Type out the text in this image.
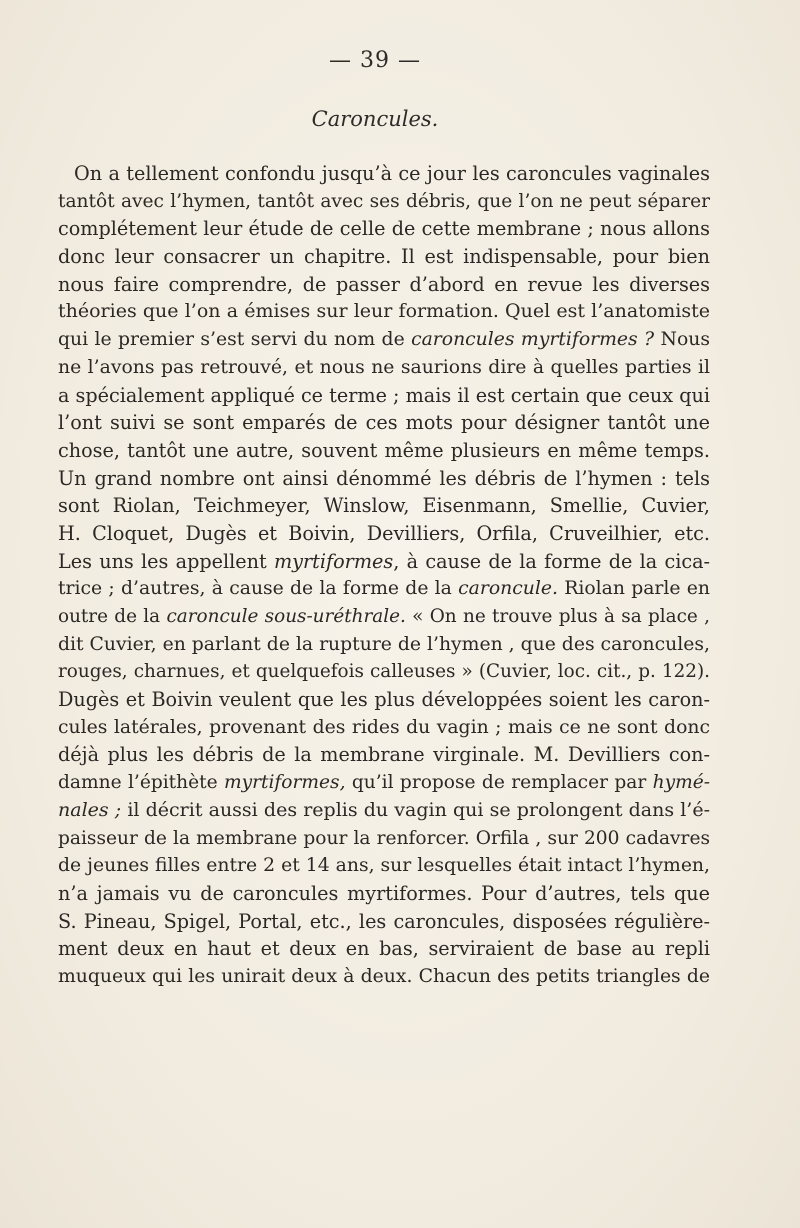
— 39 —
Caroncules.
On a tellement confondu jusqu’à ce jour les caroncules vaginales
tantôt avec l’hymen, tantôt avec ses débris, que l’on ne peut séparer
complétement leur étude de celle de cette membrane ; nous allons
donc leur consacrer un chapitre. Il est indispensable, pour bien
nous faire comprendre, de passer d’abord en revue les diverses
théories que l’on a émises sur leur formation. Quel est l’anatomiste
qui le premier s’est servi du nom de caroncules myrtiformes ? Nous
ne l’avons pas retrouvé, et nous ne saurions dire à quelles parties il
a spécialement appliqué ce terme ; mais il est certain que ceux qui
l’ont suivi se sont emparés de ces mots pour désigner tantôt une
chose, tantôt une autre, souvent même plusieurs en même temps.
Un grand nombre ont ainsi dénommé les débris de l’hymen : tels
sont Riolan, Teichmeyer, Winslow, Eisenmann, Smellie, Cuvier,
H. Cloquet, Dugès et Boivin, Devilliers, Orfila, Cruveilhier, etc.
Les uns les appellent myrtiformes, à cause de la forme de la cica-
trice ; d’autres, à cause de la forme de la caroncule. Riolan parle en
outre de la caroncule sous-uréthrale. « On ne trouve plus à sa place ,
dit Cuvier, en parlant de la rupture de l’hymen , que des caroncules,
rouges, charnues, et quelquefois calleuses » (Cuvier, loc. cit., p. 122).
Dugès et Boivin veulent que les plus développées soient les caron-
cules latérales, provenant des rides du vagin ; mais ce ne sont donc
déjà plus les débris de la membrane virginale. M. Devilliers con-
damne l’épithète myrtiformes, qu’il propose de remplacer par hymé-
nales ; il décrit aussi des replis du vagin qui se prolongent dans l’é-
paisseur de la membrane pour la renforcer. Orfila , sur 200 cadavres
de jeunes filles entre 2 et 14 ans, sur lesquelles était intact l’hymen,
n’a jamais vu de caroncules myrtiformes. Pour d’autres, tels que
S. Pineau, Spigel, Portal, etc., les caroncules, disposées régulière-
ment deux en haut et deux en bas, serviraient de base au repli
muqueux qui les unirait deux à deux. Chacun des petits triangles de
